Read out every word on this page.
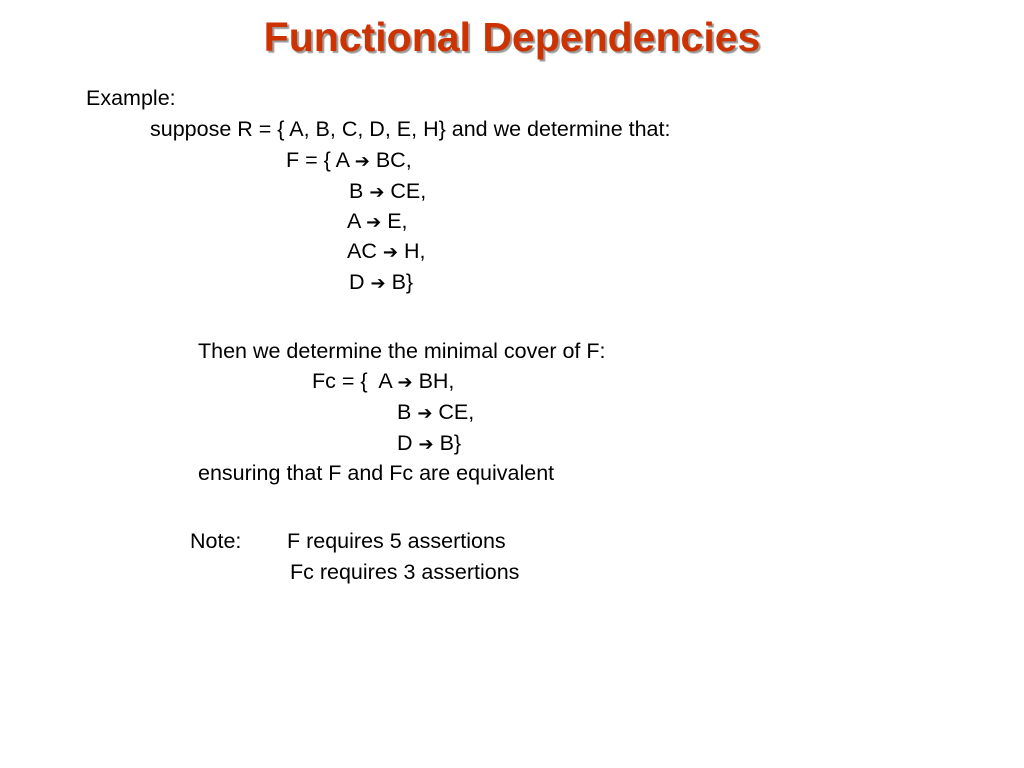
Functional Dependencies
Example:
suppose R = { A, B, C, D, E, H} and we determine that:
F = { A ➔ BC,
B ➔ CE,
A ➔ E,
AC ➔ H,
D ➔ B}
Then we determine the minimal cover of F:
Fc = { A ➔ BH,
B ➔ CE,
D ➔ B}
ensuring that F and Fc are equivalent
Note: F requires 5 assertions
Fc requires 3 assertions
